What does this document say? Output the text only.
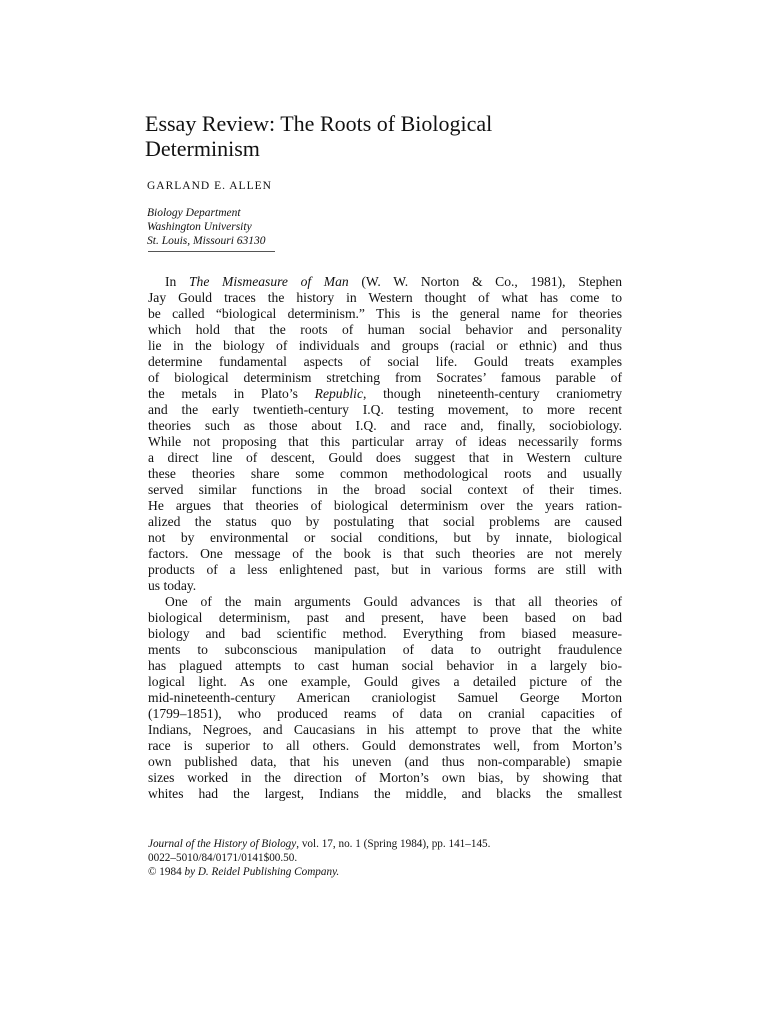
Essay Review: The Roots of Biological
Determinism
GARLAND E. ALLEN
Biology Department
Washington University
St. Louis, Missouri 63130
In The Mismeasure of Man (W. W. Norton & Co., 1981), Stephen
Jay Gould traces the history in Western thought of what has come to
be called “biological determinism.” This is the general name for theories
which hold that the roots of human social behavior and personality
lie in the biology of individuals and groups (racial or ethnic) and thus
determine fundamental aspects of social life. Gould treats examples
of biological determinism stretching from Socrates’ famous parable of
the metals in Plato’s Republic, though nineteenth-century craniometry
and the early twentieth-century I.Q. testing movement, to more recent
theories such as those about I.Q. and race and, finally, sociobiology.
While not proposing that this particular array of ideas necessarily forms
a direct line of descent, Gould does suggest that in Western culture
these theories share some common methodological roots and usually
served similar functions in the broad social context of their times.
He argues that theories of biological determinism over the years ration-
alized the status quo by postulating that social problems are caused
not by environmental or social conditions, but by innate, biological
factors. One message of the book is that such theories are not merely
products of a less enlightened past, but in various forms are still with
us today.
One of the main arguments Gould advances is that all theories of
biological determinism, past and present, have been based on bad
biology and bad scientific method. Everything from biased measure-
ments to subconscious manipulation of data to outright fraudulence
has plagued attempts to cast human social behavior in a largely bio-
logical light. As one example, Gould gives a detailed picture of the
mid-nineteenth-century American craniologist Samuel George Morton
(1799–1851), who produced reams of data on cranial capacities of
Indians, Negroes, and Caucasians in his attempt to prove that the white
race is superior to all others. Gould demonstrates well, from Morton’s
own published data, that his uneven (and thus non-comparable) smapie
sizes worked in the direction of Morton’s own bias, by showing that
whites had the largest, Indians the middle, and blacks the smallest
Journal of the History of Biology, vol. 17, no. 1 (Spring 1984), pp. 141–145.
0022–5010/84/0171/0141$00.50.
© 1984 by D. Reidel Publishing Company.
